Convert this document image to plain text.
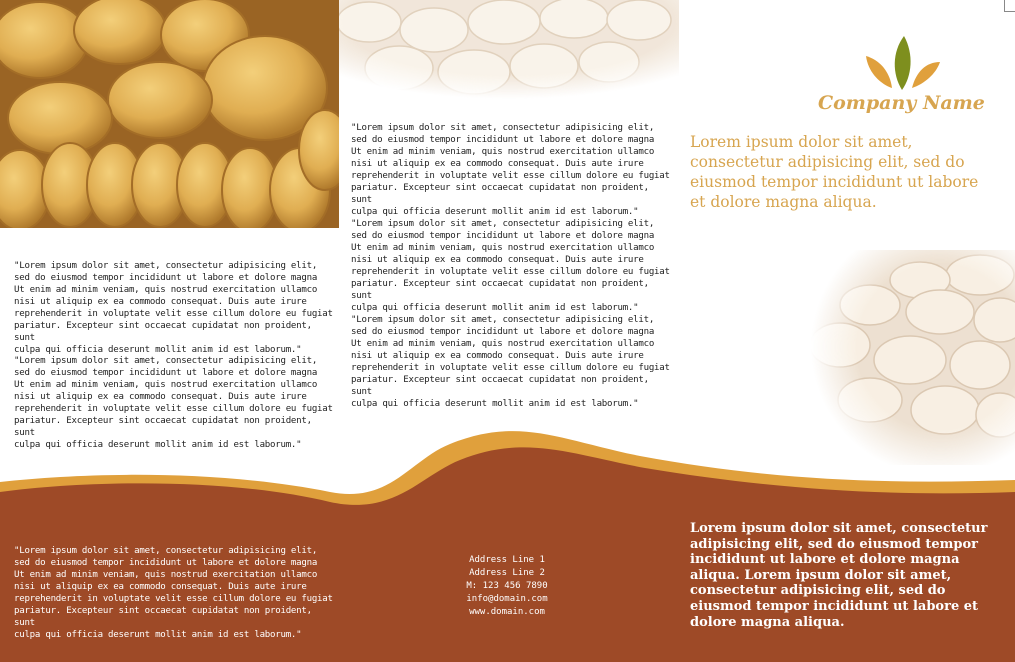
Company Name

Lorem ipsum dolor sit amet, consectetur adipisicing elit, sed do eiusmod tempor incididunt ut labore et dolore magna aliqua.

"Lorem ipsum dolor sit amet, consectetur adipisicing elit,
sed do eiusmod tempor incididunt ut labore et dolore magna
Ut enim ad minim veniam, quis nostrud exercitation ullamco
nisi ut aliquip ex ea commodo consequat. Duis aute irure
reprehenderit in voluptate velit esse cillum dolore eu fugiat
pariatur. Excepteur sint occaecat cupidatat non proident, sunt
culpa qui officia deserunt mollit anim id est laborum."

"Lorem ipsum dolor sit amet, consectetur adipisicing elit,
sed do eiusmod tempor incididunt ut labore et dolore magna
Ut enim ad minim veniam, quis nostrud exercitation ullamco
nisi ut aliquip ex ea commodo consequat. Duis aute irure
reprehenderit in voluptate velit esse cillum dolore eu fugiat
pariatur. Excepteur sint occaecat cupidatat non proident, sunt
culpa qui officia deserunt mollit anim id est laborum."

"Lorem ipsum dolor sit amet, consectetur adipisicing elit,
sed do eiusmod tempor incididunt ut labore et dolore magna
Ut enim ad minim veniam, quis nostrud exercitation ullamco
nisi ut aliquip ex ea commodo consequat. Duis aute irure
reprehenderit in voluptate velit esse cillum dolore eu fugiat
pariatur. Excepteur sint occaecat cupidatat non proident, sunt
culpa qui officia deserunt mollit anim id est laborum."

"Lorem ipsum dolor sit amet, consectetur adipisicing elit,
sed do eiusmod tempor incididunt ut labore et dolore magna
Ut enim ad minim veniam, quis nostrud exercitation ullamco
nisi ut aliquip ex ea commodo consequat. Duis aute irure
reprehenderit in voluptate velit esse cillum dolore eu fugiat
pariatur. Excepteur sint occaecat cupidatat non proident, sunt
culpa qui officia deserunt mollit anim id est laborum."

"Lorem ipsum dolor sit amet, consectetur adipisicing elit,
sed do eiusmod tempor incididunt ut labore et dolore magna
Ut enim ad minim veniam, quis nostrud exercitation ullamco
nisi ut aliquip ex ea commodo consequat. Duis aute irure
reprehenderit in voluptate velit esse cillum dolore eu fugiat
pariatur. Excepteur sint occaecat cupidatat non proident, sunt
culpa qui officia deserunt mollit anim id est laborum."

"Lorem ipsum dolor sit amet, consectetur adipisicing elit,
sed do eiusmod tempor incididunt ut labore et dolore magna
Ut enim ad minim veniam, quis nostrud exercitation ullamco
nisi ut aliquip ex ea commodo consequat. Duis aute irure
reprehenderit in voluptate velit esse cillum dolore eu fugiat
pariatur. Excepteur sint occaecat cupidatat non proident, sunt
culpa qui officia deserunt mollit anim id est laborum."

Address Line 1
Address Line 2
M: 123 456 7890
info@domain.com
www.domain.com

Lorem ipsum dolor sit amet, consectetur adipisicing elit, sed do eiusmod tempor incididunt ut labore et dolore magna aliqua. Lorem ipsum dolor sit amet, consectetur adipisicing elit, sed do eiusmod tempor incididunt ut labore et dolore magna aliqua.
